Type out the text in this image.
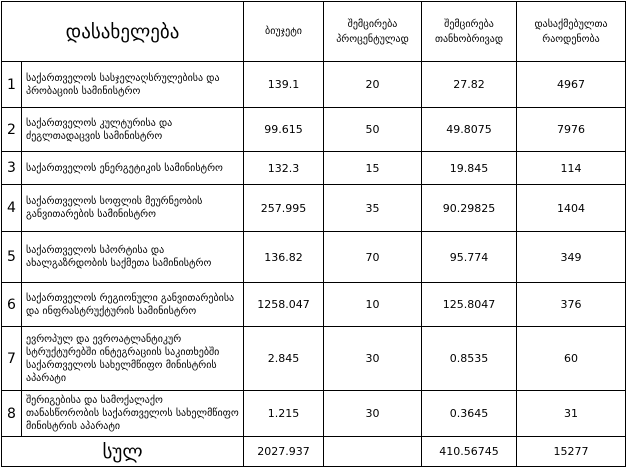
დასახელება		ბიუჯეტი	შემცირება პროცენტულად	შემცირება თანხობრივად	დასაქმებულთა რაოდენობა
1	საქართველოს სასჯელაღსრულებისა და პრობაციის სამინისტრო	139.1	20	27.82	4967
2	საქართველოს კულტურისა და ძეგლთადაცვის სამინისტრო	99.615	50	49.8075	7976
3	საქართველოს ენერგეტიკის სამინისტრო	132.3	15	19.845	114
4	საქართველოს სოფლის მეურნეობის განვითარების სამინისტრო	257.995	35	90.29825	1404
5	საქართველოს სპორტისა და ახალგაზრდობის საქმეთა სამინისტრო	136.82	70	95.774	349
6	საქართველოს რეგიონული განვითარებისა და ინფრასტრუქტურის სამინისტრო	1258.047	10	125.8047	376
7	ევროპულ და ევროატლანტიკურ სტრუქტურებში ინტეგრაციის საკითხებში საქართველოს სახელმწიფო მინისტრის აპარატი	2.845	30	0.8535	60
8	შერიგებისა და სამოქალაქო თანასწორობის საქართველოს სახელმწიფო მინისტრის აპარატი	1.215	30	0.3645	31
სულ		2027.937		410.56745	15277
